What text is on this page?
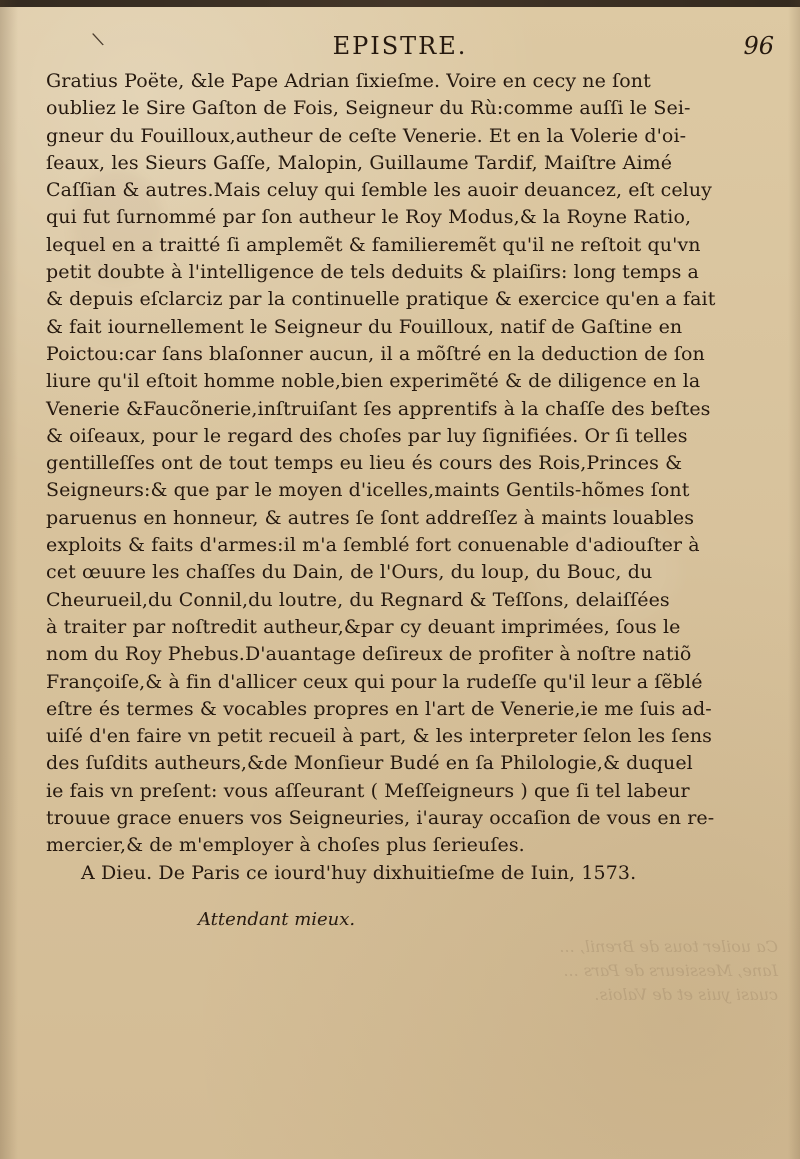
\	EPISTRE.	96
Gratius Poëte, &le Pape Adrian ſixieſme. Voire en cecy ne ſont
oubliez le Sire Gaſton de Fois, Seigneur du Rù:comme auſſi le Sei-
gneur du Fouilloux,autheur de ceſte Venerie. Et en la Volerie d'oi-
ſeaux, les Sieurs Gaſſe, Malopin, Guillaume Tardif, Maiſtre Aimé
Caſſian & autres.Mais celuy qui ſemble les auoir deuancez, eſt celuy
qui fut ſurnommé par ſon autheur le Roy Modus,& la Royne Ratio,
lequel en a traitté ſi amplemẽt & familieremẽt qu'il ne reſtoit qu'vn
petit doubte à l'intelligence de tels deduits & plaiſirs: long temps a
& depuis eſclarciz par la continuelle pratique & exercice qu'en a fait
& fait iournellement le Seigneur du Fouilloux, natif de Gaſtine en
Poictou:car ſans blaſonner aucun, il a mõſtré en la deduction de ſon
liure qu'il eſtoit homme noble,bien experimẽté & de diligence en la
Venerie &Faucõnerie,inſtruiſant ſes apprentifs à la chaſſe des beſtes
& oiſeaux, pour le regard des choſes par luy ſignifiées. Or ſi telles
gentilleſſes ont de tout temps eu lieu és cours des Rois,Princes &
Seigneurs:& que par le moyen d'icelles,maints Gentils-hõmes ſont
paruenus en honneur, & autres ſe ſont addreſſez à maints louables
exploits & faits d'armes:il m'a ſemblé fort conuenable d'adiouſter à
cet œuure les chaſſes du Dain, de l'Ours, du loup, du Bouc, du
Cheurueil,du Connil,du loutre, du Regnard & Teſſons, delaiſſées
à traiter par noſtredit autheur,&par cy deuant imprimées, ſous le
nom du Roy Phebus.D'auantage deſireux de profiter à noſtre natiõ
Françoiſe,& à fin d'allicer ceux qui pour la rudeſſe qu'il leur a ſẽblé
eſtre és termes & vocables propres en l'art de Venerie,ie me ſuis ad-
uiſé d'en faire vn petit recueil à part, & les interpreter ſelon les ſens
des ſuſdits autheurs,&de Monſieur Budé en ſa Philologie,& duquel
ie fais vn preſent: vous aſſeurant ( Meſſeigneurs ) que ſi tel labeur
trouue grace enuers vos Seigneuries, i'auray occaſion de vous en re-
mercier,& de m'employer à choſes plus ſerieuſes.
A Dieu. De Paris ce iourd'huy dixhuitieſme de Iuin, 1573.
Attendant mieux.
Ca uoiler tous de Brenil, ...
Iane, Messieurs de Pars ...
cuasi yuis et de Valois.
